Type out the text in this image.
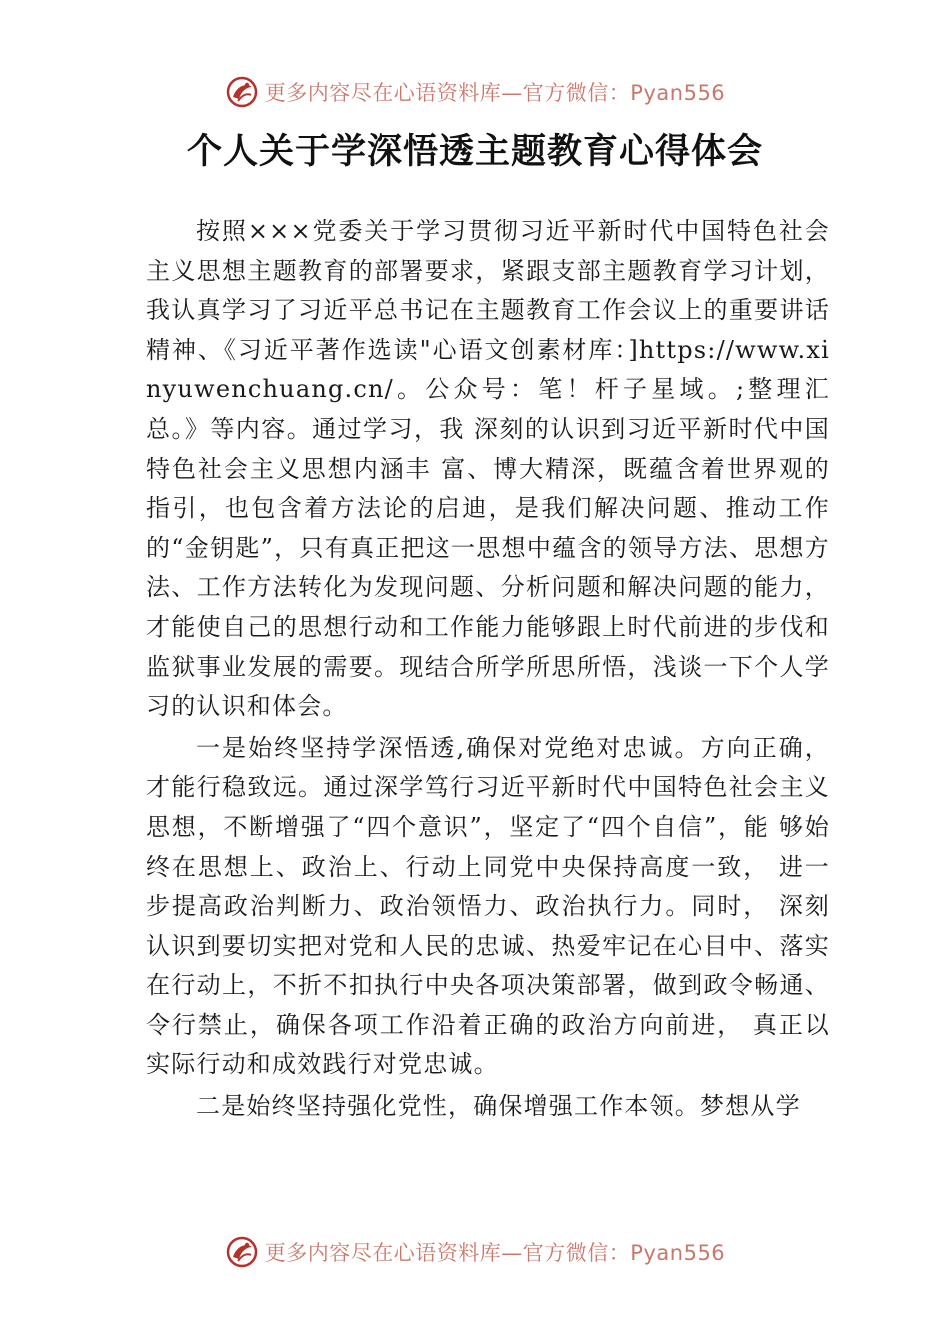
更多内容尽在心语资料库—官方微信：Pyan556
个人关于学深悟透主题教育心得体会

按照×××党委关于学习贯彻习近平新时代中国特色社会主义思想主题教育的部署要求，紧跟支部主题教育学习计划，我认真学习了习近平总书记在主题教育工作会议上的重要讲话精神、《习近平著作选读"心语文创素材库：]https://www.xinyuwenchuang.cn/。公众号：笔！杆子星域。;整理汇总。》等内容。通过学习，我 深刻的认识到习近平新时代中国特色社会主义思想内涵丰 富、博大精深，既蕴含着世界观的指引，也包含着方法论的启迪，是我们解决问题、推动工作的“金钥匙”，只有真正把这一思想中蕴含的领导方法、思想方法、工作方法转化为发现问题、分析问题和解决问题的能力，才能使自己的思想行动和工作能力能够跟上时代前进的步伐和监狱事业发展的需要。现结合所学所思所悟，浅谈一下个人学习的认识和体会。

一是始终坚持学深悟透,确保对党绝对忠诚。方向正确，才能行稳致远。通过深学笃行习近平新时代中国特色社会主义思想，不断增强了“四个意识”，坚定了“四个自信”，能 够始终在思想上、政治上、行动上同党中央保持高度一致， 进一步提高政治判断力、政治领悟力、政治执行力。同时， 深刻认识到要切实把对党和人民的忠诚、热爱牢记在心目中、落实在行动上，不折不扣执行中央各项决策部署，做到政令畅通、令行禁止，确保各项工作沿着正确的政治方向前进， 真正以实际行动和成效践行对党忠诚。

二是始终坚持强化党性，确保增强工作本领。梦想从学

更多内容尽在心语资料库—官方微信：Pyan556
